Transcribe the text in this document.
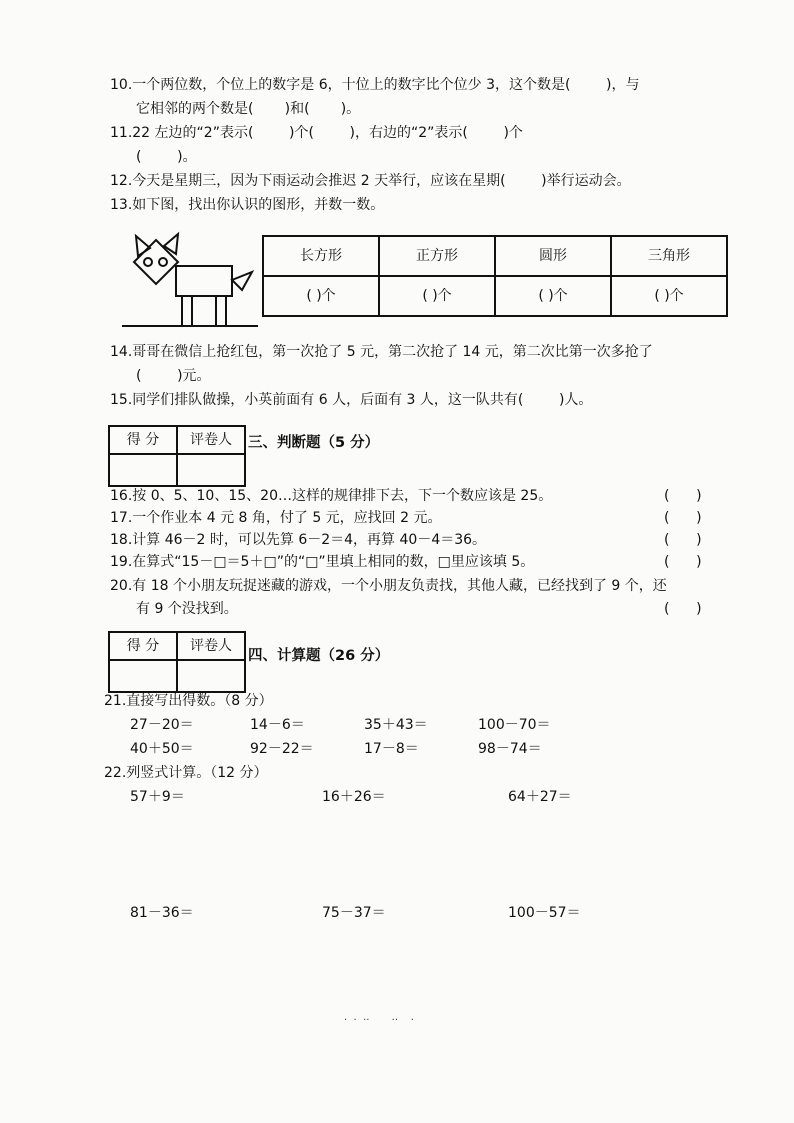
10.一个两位数，个位上的数字是 6，十位上的数字比个位少 3，这个数是(        )，与
它相邻的两个数是(       )和(       )。
11.22 左边的“2”表示(        )个(        )，右边的“2”表示(        )个
(        )。
12.今天是星期三，因为下雨运动会推迟 2 天举行，应该在星期(        )举行运动会。
13.如下图，找出你认识的图形，并数一数。
长方形	正方形	圆形	三角形
( )个	( )个	( )个	( )个
14.哥哥在微信上抢红包，第一次抢了 5 元，第二次抢了 14 元，第二次比第一次多抢了
(        )元。
15.同学们排队做操，小英前面有 6 人，后面有 3 人，这一队共有(        )人。
得 分	评卷人
	三、判断题（5 分）
16.按 0、5、10、15、20…这样的规律排下去，下一个数应该是 25。	(      )
17.一个作业本 4 元 8 角，付了 5 元，应找回 2 元。	(      )
18.计算 46－2 时，可以先算 6－2＝4，再算 40－4＝36。	(      )
19.在算式“15－□＝5＋□”的“□”里填上相同的数，□里应该填 5。	(      )
20.有 18 个小朋友玩捉迷藏的游戏，一个小朋友负责找，其他人藏，已经找到了 9 个，还
有 9 个没找到。	(      )
得 分	评卷人

四、计算题（26 分）
21.直接写出得数。（8 分）
27－20＝	14－6＝	35＋43＝	100－70＝
40＋50＝	92－22＝	17－8＝	98－74＝
22.列竖式计算。（12 分）
57＋9＝	16＋26＝	64＋27＝
81－36＝	75－37＝	100－57＝
·  ·  ··       ··    ·
